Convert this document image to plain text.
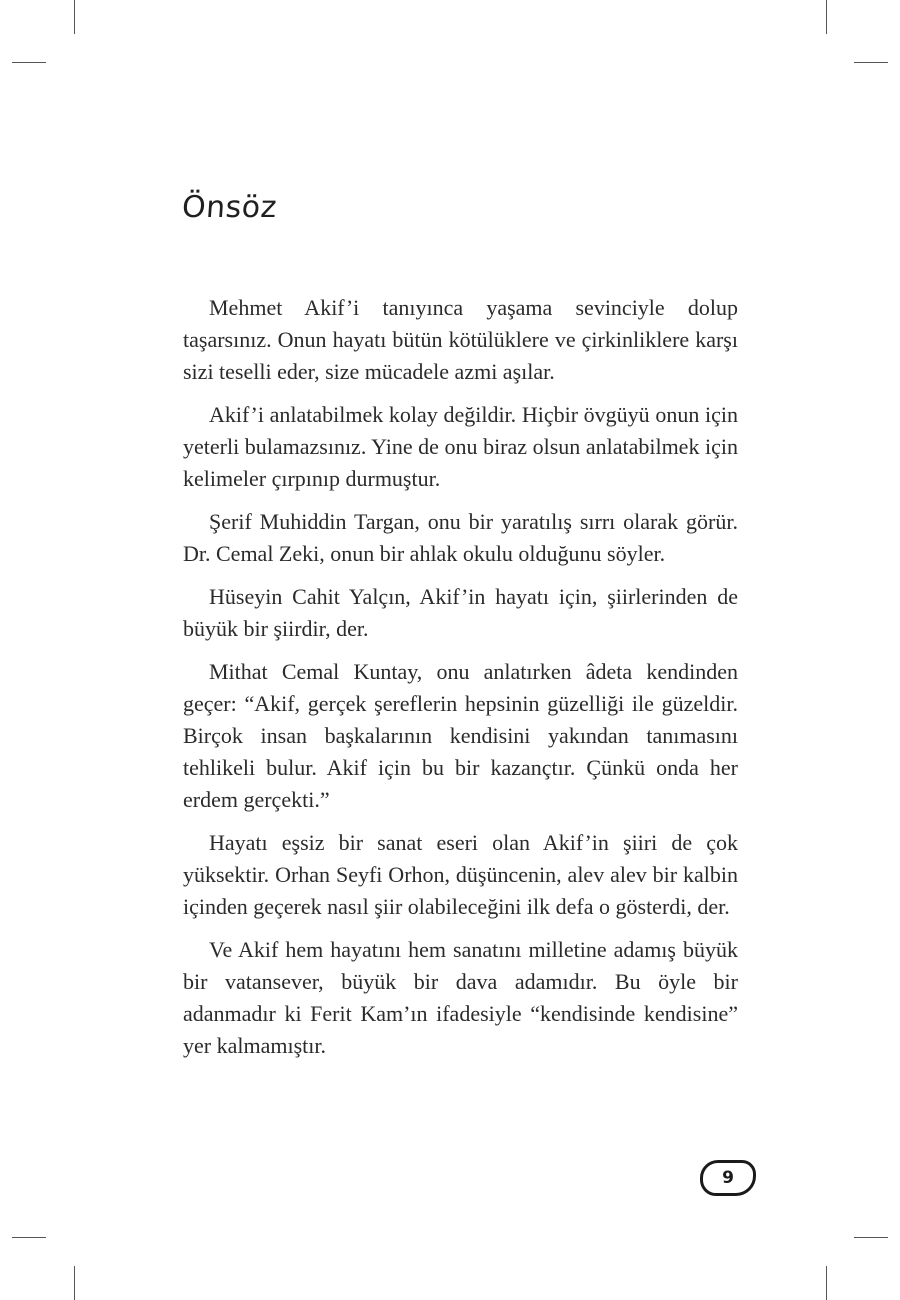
Önsöz

Mehmet Akif’i tanıyınca yaşama sevinciyle dolup taşarsınız. Onun hayatı bütün kötülüklere ve çirkinliklere karşı sizi teselli eder, size mücadele azmi aşılar.

Akif’i anlatabilmek kolay değildir. Hiçbir övgüyü onun için yeterli bulamazsınız. Yine de onu biraz olsun anlatabilmek için kelimeler çırpınıp durmuştur.

Şerif Muhiddin Targan, onu bir yaratılış sırrı olarak görür. Dr. Cemal Zeki, onun bir ahlak okulu olduğunu söyler.

Hüseyin Cahit Yalçın, Akif’in hayatı için, şiirlerinden de büyük bir şiirdir, der.

Mithat Cemal Kuntay, onu anlatırken âdeta kendinden geçer: “Akif, gerçek şereflerin hepsinin güzelliği ile güzeldir. Birçok insan başkalarının kendisini yakından tanımasını tehlikeli bulur. Akif için bu bir kazançtır. Çünkü onda her erdem gerçekti.”

Hayatı eşsiz bir sanat eseri olan Akif’in şiiri de çok yüksektir. Orhan Seyfi Orhon, düşüncenin, alev alev bir kalbin içinden geçerek nasıl şiir olabileceğini ilk defa o gösterdi, der.

Ve Akif hem hayatını hem sanatını milletine adamış büyük bir vatansever, büyük bir dava adamıdır. Bu öyle bir adanmadır ki Ferit Kam’ın ifadesiyle “kendisinde kendisine” yer kalmamıştır.

9
